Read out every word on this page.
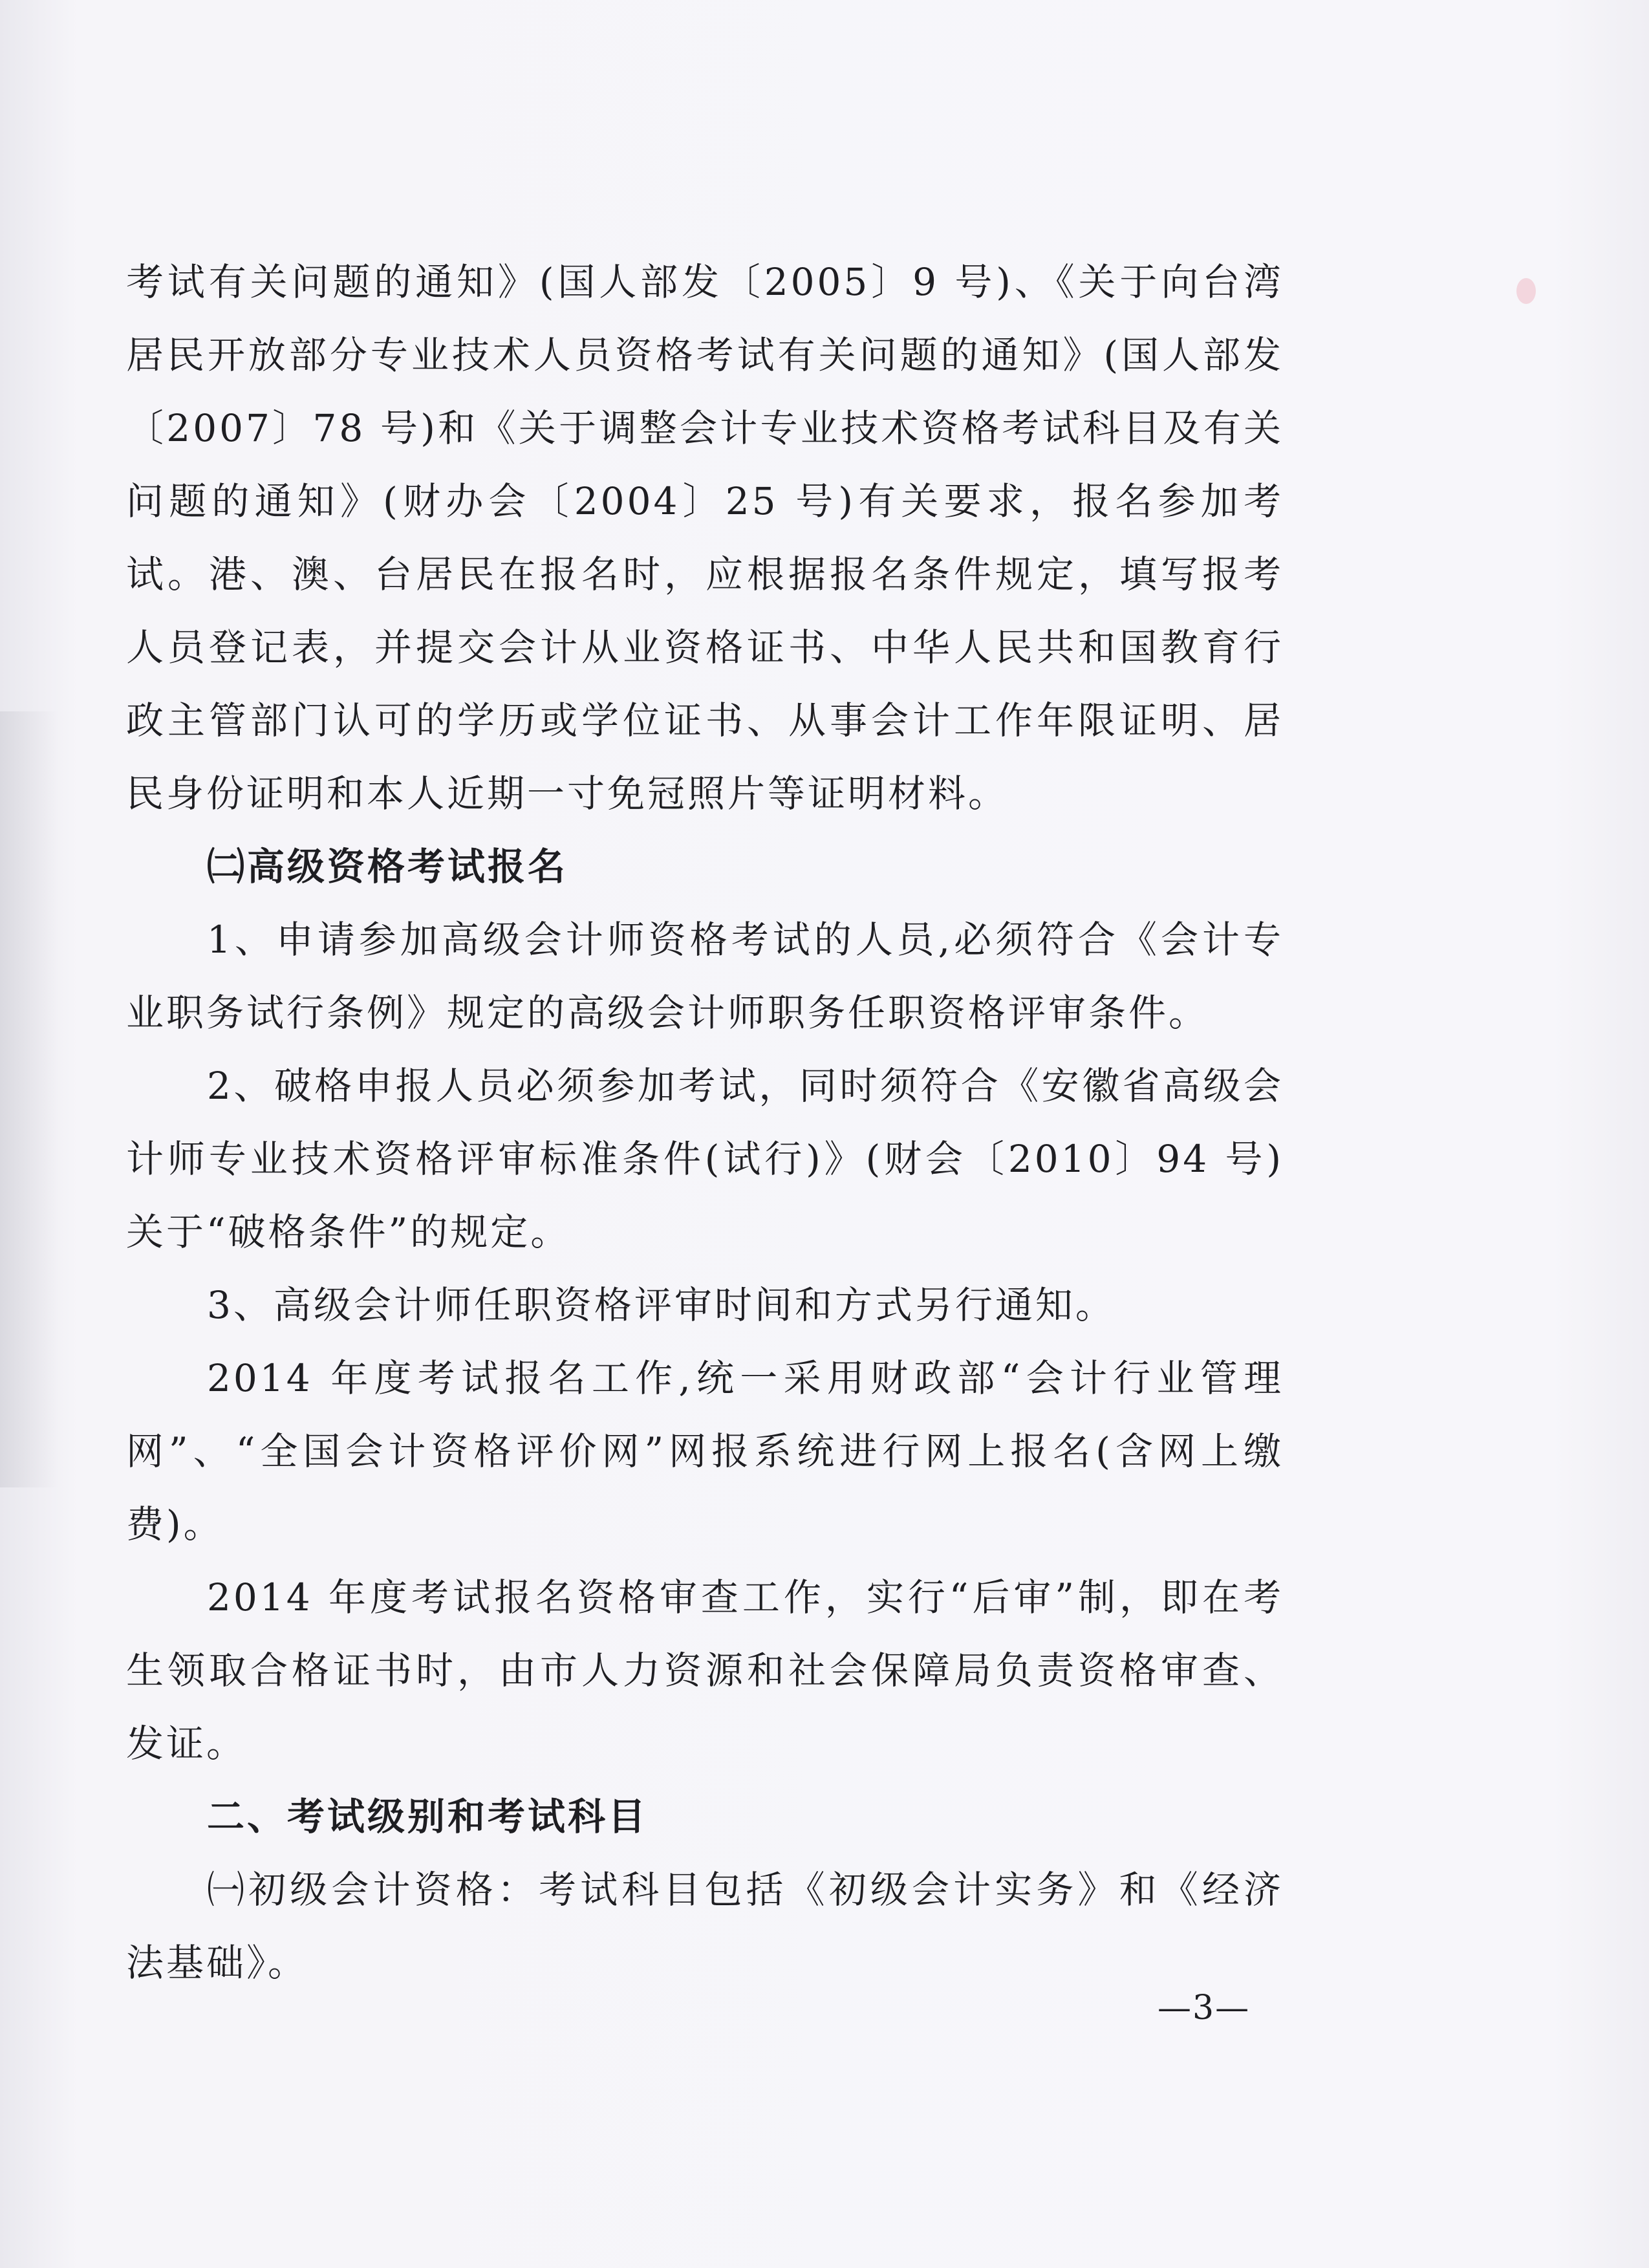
考试有关问题的通知》(国人部发〔2005〕9 号)、《关于向台湾居民开放部分专业技术人员资格考试有关问题的通知》(国人部发〔2007〕78 号)和《关于调整会计专业技术资格考试科目及有关问题的通知》(财办会〔2004〕25 号)有关要求，报名参加考试。港、澳、台居民在报名时，应根据报名条件规定，填写报考人员登记表，并提交会计从业资格证书、中华人民共和国教育行政主管部门认可的学历或学位证书、从事会计工作年限证明、居民身份证明和本人近期一寸免冠照片等证明材料。

㈡高级资格考试报名

1、申请参加高级会计师资格考试的人员,必须符合《会计专业职务试行条例》规定的高级会计师职务任职资格评审条件。

2、破格申报人员必须参加考试，同时须符合《安徽省高级会计师专业技术资格评审标准条件(试行)》(财会〔2010〕94 号)关于“破格条件”的规定。

3、高级会计师任职资格评审时间和方式另行通知。

2014 年度考试报名工作,统一采用财政部“会计行业管理网”、“全国会计资格评价网”网报系统进行网上报名(含网上缴费)。

2014 年度考试报名资格审查工作，实行“后审”制，即在考生领取合格证书时，由市人力资源和社会保障局负责资格审查、发证。

二、考试级别和考试科目

㈠初级会计资格：考试科目包括《初级会计实务》和《经济法基础》。

—3—
